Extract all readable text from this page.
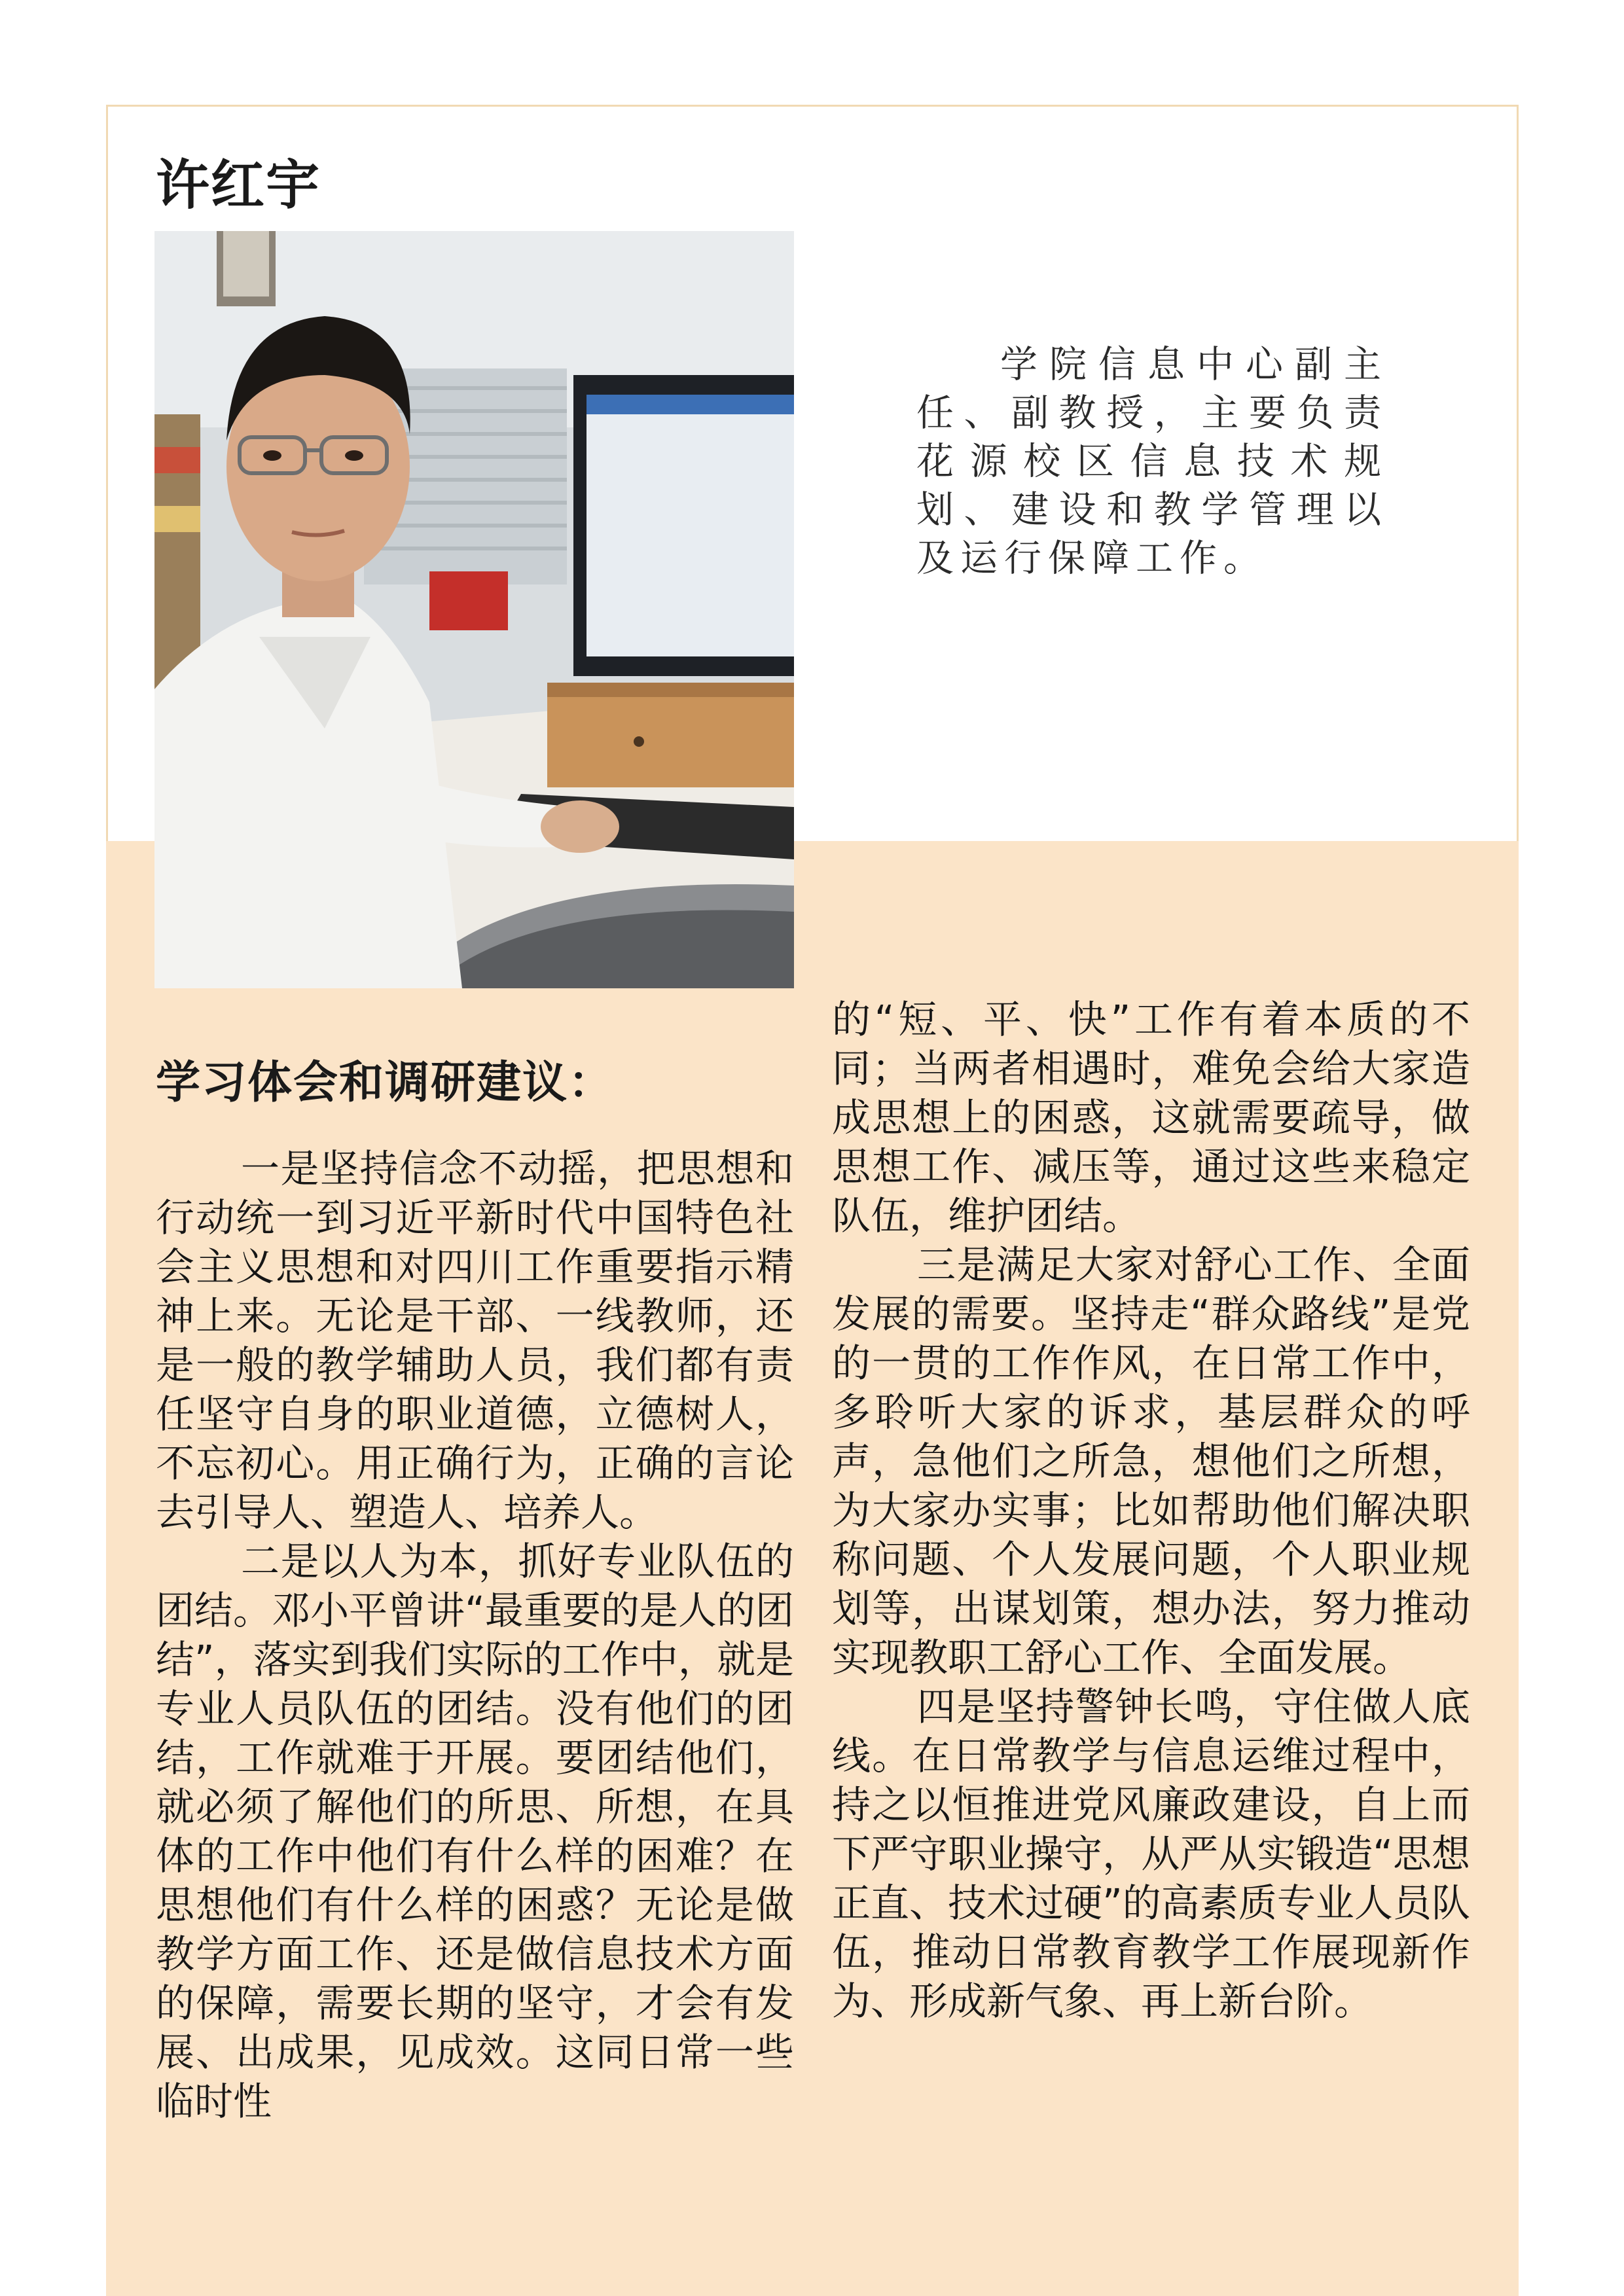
许红宇

学院信息中心副主任、副教授，主要负责花源校区信息技术规划、建设和教学管理以及运行保障工作。

学习体会和调研建议：

一是坚持信念不动摇，把思想和行动统一到习近平新时代中国特色社会主义思想和对四川工作重要指示精神上来。无论是干部、一线教师，还是一般的教学辅助人员，我们都有责任坚守自身的职业道德，立德树人，不忘初心。用正确行为，正确的言论去引导人、塑造人、培养人。

二是以人为本，抓好专业队伍的团结。邓小平曾讲“最重要的是人的团结”，落实到我们实际的工作中，就是专业人员队伍的团结。没有他们的团结，工作就难于开展。要团结他们，就必须了解他们的所思、所想，在具体的工作中他们有什么样的困难？在思想他们有什么样的困惑？无论是做教学方面工作、还是做信息技术方面的保障，需要长期的坚守，才会有发展、出成果，见成效。这同日常一些临时性

的“短、平、快”工作有着本质的不同；当两者相遇时，难免会给大家造成思想上的困惑，这就需要疏导，做思想工作、减压等，通过这些来稳定队伍，维护团结。

三是满足大家对舒心工作、全面发展的需要。坚持走“群众路线”是党的一贯的工作作风，在日常工作中，多聆听大家的诉求，基层群众的呼声，急他们之所急，想他们之所想，为大家办实事；比如帮助他们解决职称问题、个人发展问题，个人职业规划等，出谋划策，想办法，努力推动实现教职工舒心工作、全面发展。

四是坚持警钟长鸣，守住做人底线。在日常教学与信息运维过程中，持之以恒推进党风廉政建设，自上而下严守职业操守，从严从实锻造“思想正直、技术过硬”的高素质专业人员队伍，推动日常教育教学工作展现新作为、形成新气象、再上新台阶。
